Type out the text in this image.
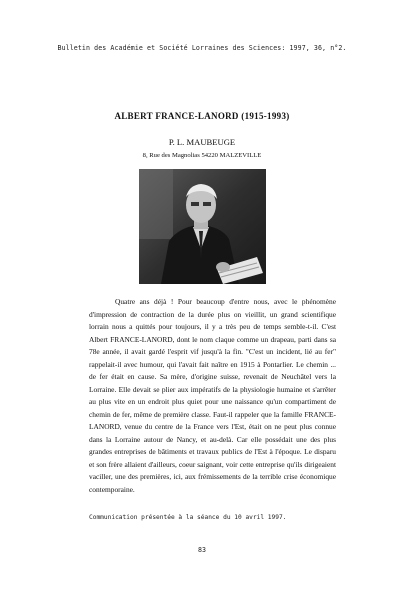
Bulletin des Académie et Société Lorraines des Sciences: 1997, 36, n°2.
ALBERT FRANCE-LANORD (1915-1993)
P. L. MAUBEUGE
8, Rue des Magnolias 54220 MALZEVILLE
Quatre ans déjà ! Pour beaucoup d'entre nous, avec le phénomène d'impression de contraction de la durée plus on vieillit, un grand scientifique lorrain nous a quittés pour toujours, il y a très peu de temps semble-t-il. C'est Albert FRANCE-LANORD, dont le nom claque comme un drapeau, parti dans sa 78e année, il avait gardé l'esprit vif jusqu'à la fin. "C'est un incident, lié au fer" rappelait-il avec humour, qui l'avait fait naître en 1915 à Pontarlier. Le chemin ... de fer était en cause. Sa mère, d'origine suisse, revenait de Neuchâtel vers la Lorraine. Elle devait se plier aux impératifs de la physiologie humaine et s'arrêter au plus vite en un endroit plus quiet pour une naissance qu'un compartiment de chemin de fer, même de première classe. Faut-il rappeler que la famille FRANCE-LANORD, venue du centre de la France vers l'Est, était on ne peut plus connue dans la Lorraine autour de Nancy, et au-delà. Car elle possédait une des plus grandes entreprises de bâtiments et travaux publics de l'Est à l'époque. Le disparu et son frère allaient d'ailleurs, coeur saignant, voir cette entreprise qu'ils dirigeaient vaciller, une des premières, ici, aux frémissements de la terrible crise économique contemporaine.
Communication présentée à la séance du 10 avril 1997.
83
